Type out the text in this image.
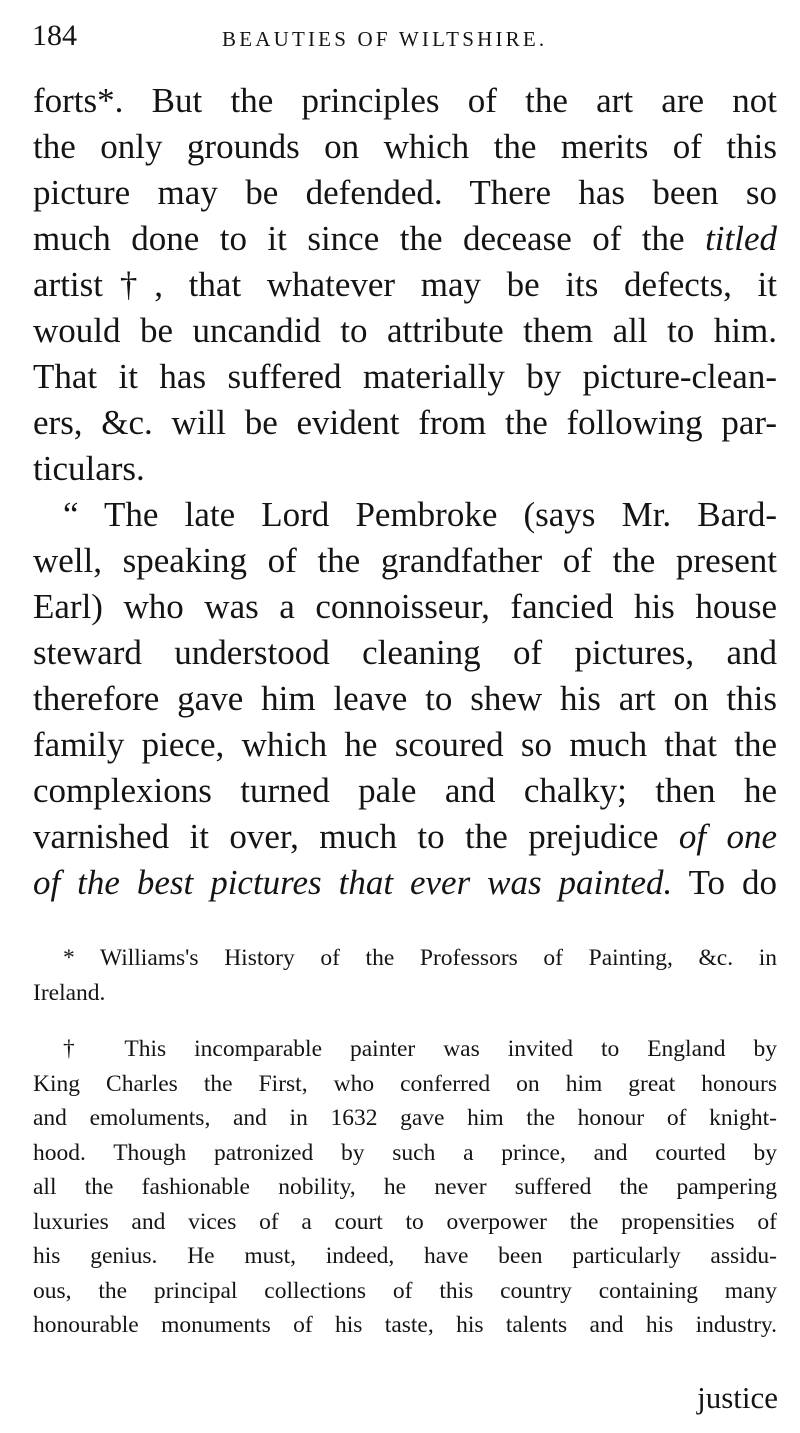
184	BEAUTIES OF WILTSHIRE.
forts*. But the principles of the art are not
the only grounds on which the merits of this
picture may be defended. There has been so
much done to it since the decease of the titled
artist†, that whatever may be its defects, it
would be uncandid to attribute them all to him.
That it has suffered materially by picture-clean-
ers, &c. will be evident from the following par-
ticulars.
“ The late Lord Pembroke (says Mr. Bard-
well, speaking of the grandfather of the present
Earl) who was a connoisseur, fancied his house
steward understood cleaning of pictures, and
therefore gave him leave to shew his art on this
family piece, which he scoured so much that the
complexions turned pale and chalky; then he
varnished it over, much to the prejudice of one
of the best pictures that ever was painted. To do
* Williams's History of the Professors of Painting, &c. in
Ireland.
† This incomparable painter was invited to England by
King Charles the First, who conferred on him great honours
and emoluments, and in 1632 gave him the honour of knight-
hood. Though patronized by such a prince, and courted by
all the fashionable nobility, he never suffered the pampering
luxuries and vices of a court to overpower the propensities of
his genius. He must, indeed, have been particularly assidu-
ous, the principal collections of this country containing many
honourable monuments of his taste, his talents and his industry.
justice
